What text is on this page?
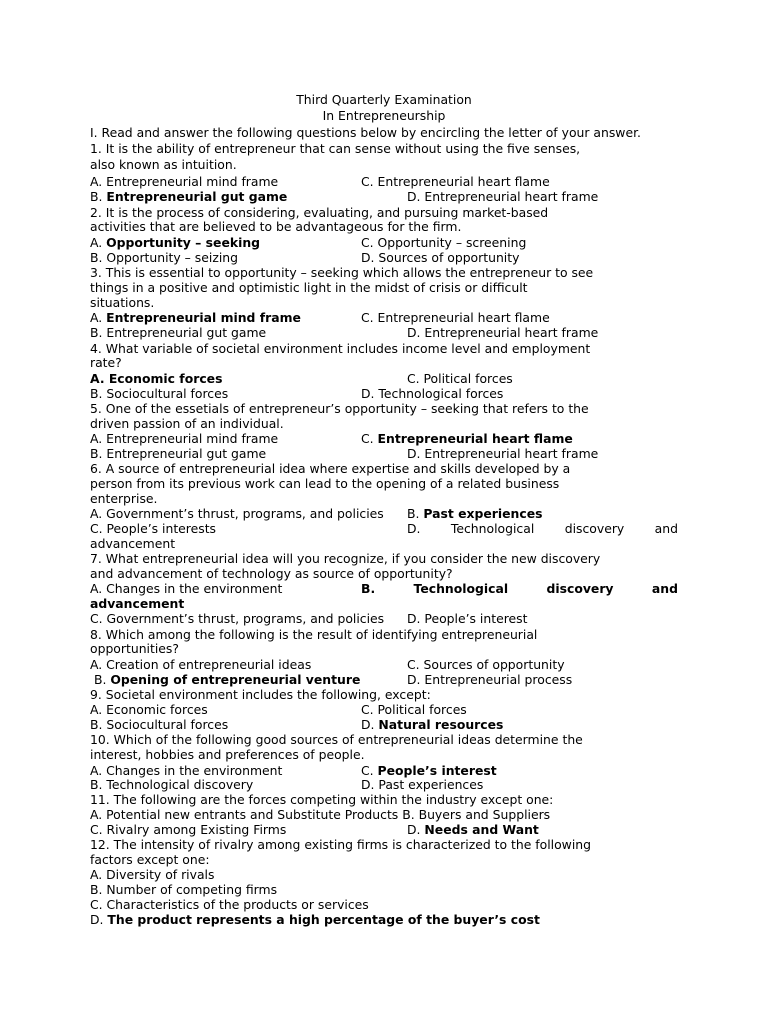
Third Quarterly Examination
In Entrepreneurship
I. Read and answer the following questions below by encircling the letter of your answer.
1. It is the ability of entrepreneur that can sense without using the five senses,
also known as intuition.
A. Entrepreneurial mind frame	C. Entrepreneurial heart flame
B. Entrepreneurial gut game	D. Entrepreneurial heart frame
2. It is the process of considering, evaluating, and pursuing market-based
activities that are believed to be advantageous for the firm.
A. Opportunity – seeking	C. Opportunity – screening
B. Opportunity – seizing	D. Sources of opportunity
3. This is essential to opportunity – seeking which allows the entrepreneur to see
things in a positive and optimistic light in the midst of crisis or difficult
situations.
A. Entrepreneurial mind frame	C. Entrepreneurial heart flame
B. Entrepreneurial gut game	D. Entrepreneurial heart frame
4. What variable of societal environment includes income level and employment
rate?
A. Economic forces	C. Political forces
B. Sociocultural forces	D. Technological forces
5. One of the essetials of entrepreneur’s opportunity – seeking that refers to the
driven passion of an individual.
A. Entrepreneurial mind frame	C. Entrepreneurial heart flame
B. Entrepreneurial gut game	D. Entrepreneurial heart frame
6. A source of entrepreneurial idea where expertise and skills developed by a
person from its previous work can lead to the opening of a related business
enterprise.
A. Government’s thrust, programs, and policies B. Past experiences
C. People’s interests	D. Technological discovery and
advancement
7. What entrepreneurial idea will you recognize, if you consider the new discovery
and advancement of technology as source of opportunity?
A. Changes in the environment	B.	Technological	discovery	and
advancement
C. Government’s thrust, programs, and policies D. People’s interest
8. Which among the following is the result of identifying entrepreneurial
opportunities?
A. Creation of entrepreneurial ideas	C. Sources of opportunity
B. Opening of entrepreneurial venture	D. Entrepreneurial process
9. Societal environment includes the following, except:
A. Economic forces	C. Political forces
B. Sociocultural forces	D. Natural resources
10. Which of the following good sources of entrepreneurial ideas determine the
interest, hobbies and preferences of people.
A. Changes in the environment	C. People’s interest
B. Technological discovery	D. Past experiences
11. The following are the forces competing within the industry except one:
A. Potential new entrants and Substitute Products B. Buyers and Suppliers
C. Rivalry among Existing Firms	D. Needs and Want
12. The intensity of rivalry among existing firms is characterized to the following
factors except one:
A. Diversity of rivals
B. Number of competing firms
C. Characteristics of the products or services
D. The product represents a high percentage of the buyer’s cost
